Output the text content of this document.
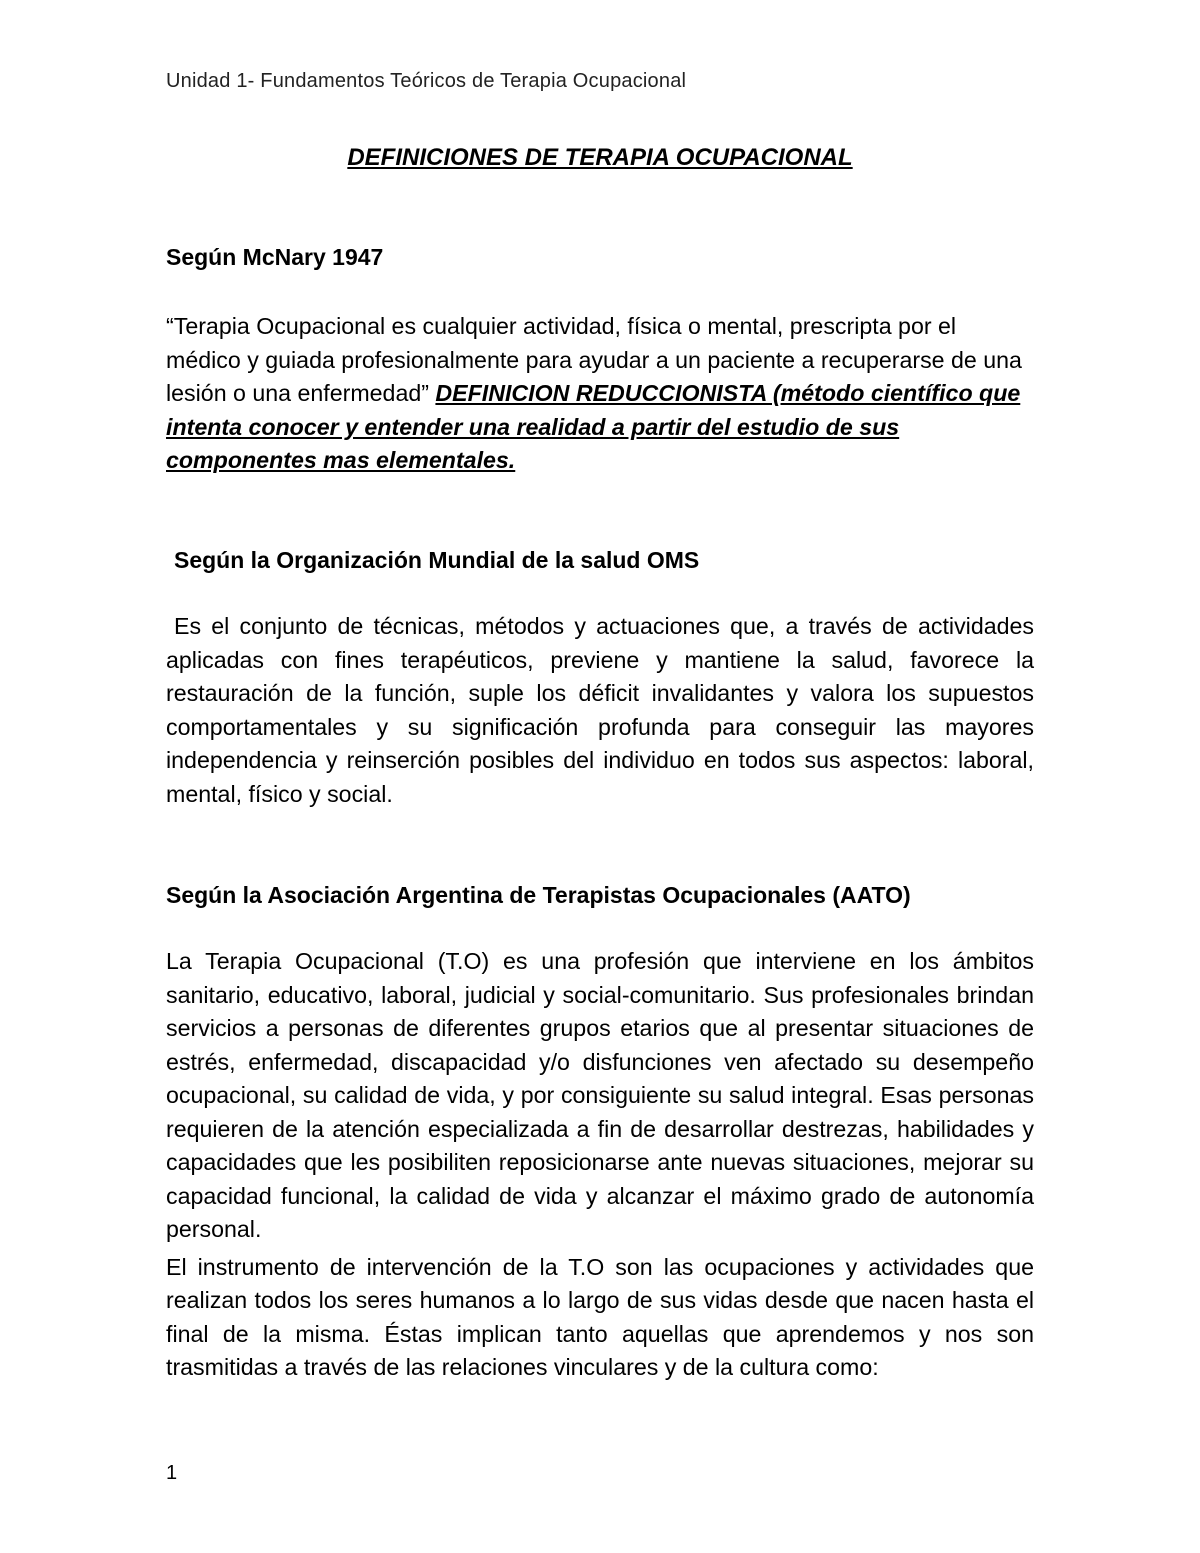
Unidad 1- Fundamentos Teóricos de Terapia Ocupacional
DEFINICIONES DE TERAPIA OCUPACIONAL
Según McNary 1947

“Terapia Ocupacional es cualquier actividad, física o mental, prescripta por el médico y guiada profesionalmente para ayudar a un paciente a recuperarse de una lesión o una enfermedad” DEFINICION REDUCCIONISTA (método científico que intenta conocer y entender una realidad a partir del estudio de sus componentes mas elementales.

Según la Organización Mundial de la salud OMS

Es el conjunto de técnicas, métodos y actuaciones que, a través de actividades aplicadas con fines terapéuticos, previene y mantiene la salud, favorece la restauración de la función, suple los déficit invalidantes y valora los supuestos comportamentales y su significación profunda para conseguir las mayores independencia y reinserción posibles del individuo en todos sus aspectos: laboral, mental, físico y social.

Según la Asociación Argentina de Terapistas Ocupacionales (AATO)

La Terapia Ocupacional (T.O) es una profesión que interviene en los ámbitos sanitario, educativo, laboral, judicial y social-comunitario. Sus profesionales brindan servicios a personas de diferentes grupos etarios que al presentar situaciones de estrés, enfermedad, discapacidad y/o disfunciones ven afectado su desempeño ocupacional, su calidad de vida, y por consiguiente su salud integral. Esas personas requieren de la atención especializada a fin de desarrollar destrezas, habilidades y capacidades que les posibiliten reposicionarse ante nuevas situaciones, mejorar su capacidad funcional, la calidad de vida y alcanzar el máximo grado de autonomía personal.

El instrumento de intervención de la T.O son las ocupaciones y actividades que realizan todos los seres humanos a lo largo de sus vidas desde que nacen hasta el final de la misma. Éstas implican tanto aquellas que aprendemos y nos son trasmitidas a través de las relaciones vinculares y de la cultura como:

1
